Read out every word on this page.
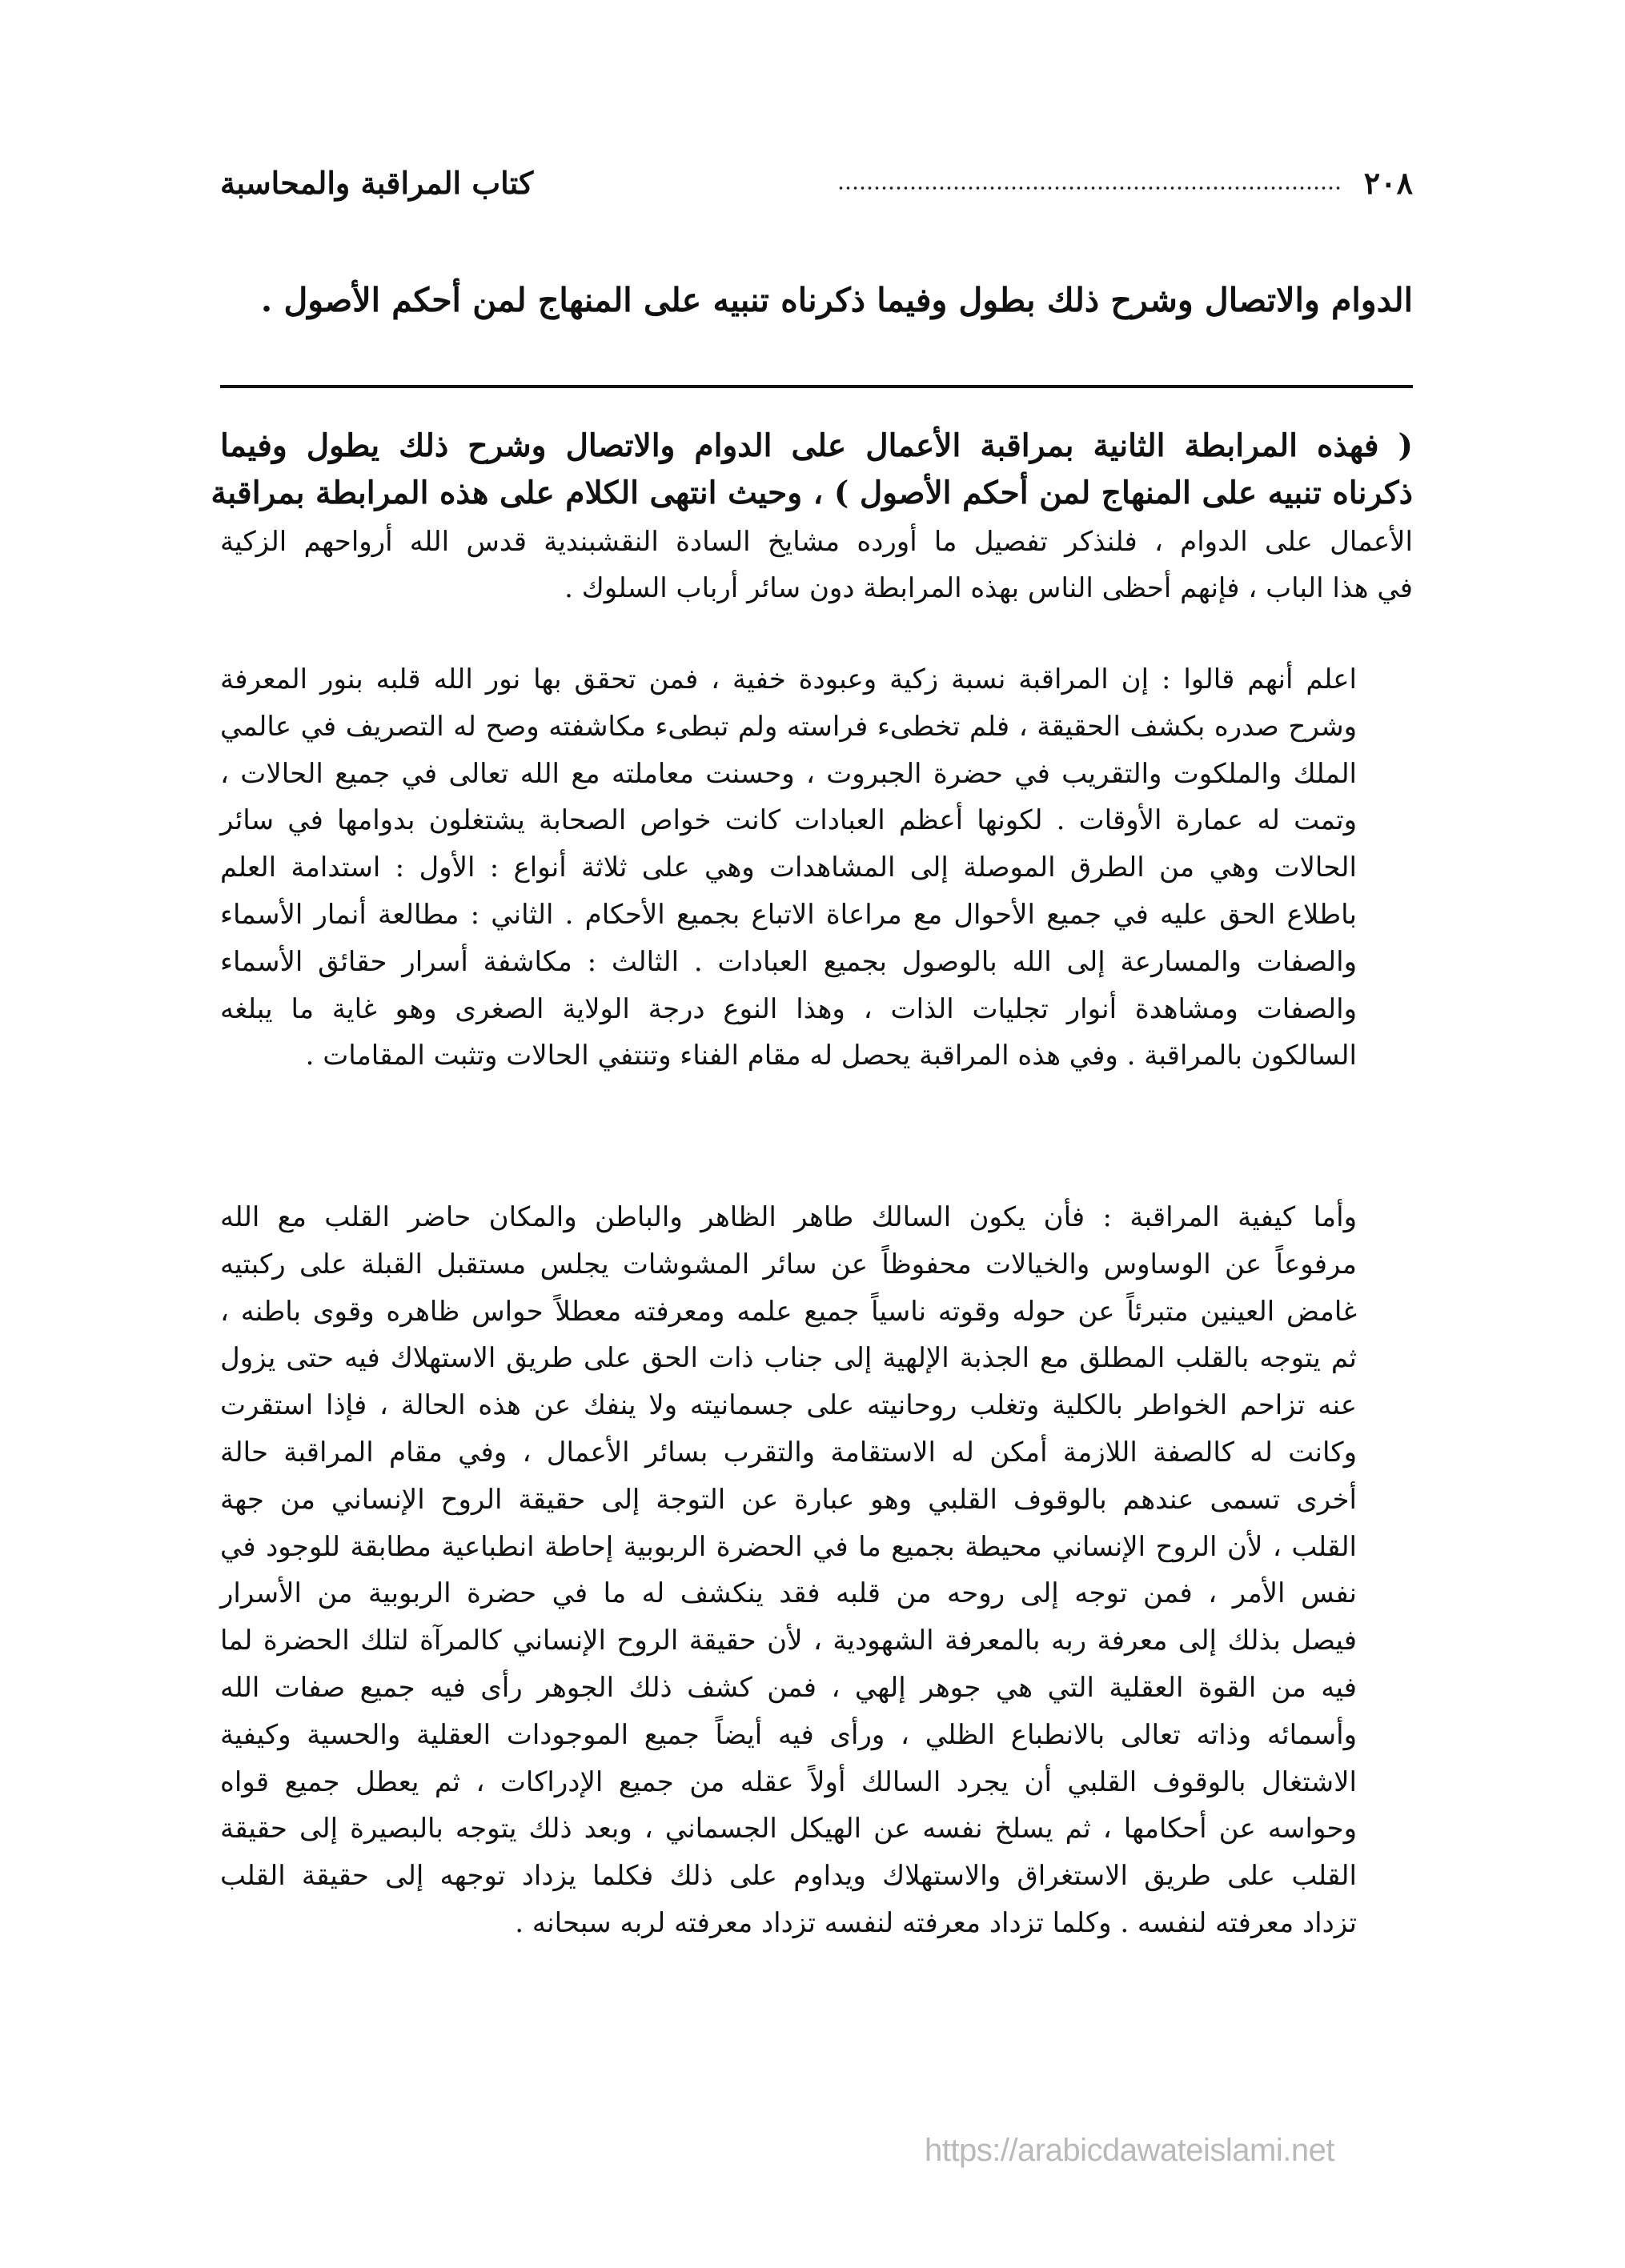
٢٠٨
كتاب المراقبة والمحاسبة
الدوام والاتصال وشرح ذلك بطول وفيما ذكرناه تنبيه على المنهاج لمن أحكم الأصول .
( فهذه المرابطة الثانية بمراقبة الأعمال على الدوام والاتصال وشرح ذلك يطول وفيما
ذكرناه تنبيه على المنهاج لمن أحكم الأصول ) ، وحيث انتهى الكلام على هذه المرابطة بمراقبة
الأعمال على الدوام ، فلنذكر تفصيل ما أورده مشايخ السادة النقشبندية قدس الله أرواحهم الزكية
في هذا الباب ، فإنهم أحظى الناس بهذه المرابطة دون سائر أرباب السلوك .
اعلم أنهم قالوا : إن المراقبة نسبة زكية وعبودة خفية ، فمن تحقق بها نور الله قلبه بنور المعرفة
وشرح صدره بكشف الحقيقة ، فلم تخطىء فراسته ولم تبطىء مكاشفته وصح له التصريف في عالمي
الملك والملكوت والتقريب في حضرة الجبروت ، وحسنت معاملته مع الله تعالى في جميع الحالات ،
وتمت له عمارة الأوقات . لكونها أعظم العبادات كانت خواص الصحابة يشتغلون بدوامها في سائر
الحالات وهي من الطرق الموصلة إلى المشاهدات وهي على ثلاثة أنواع : الأول : استدامة العلم
باطلاع الحق عليه في جميع الأحوال مع مراعاة الاتباع بجميع الأحكام . الثاني : مطالعة أنمار الأسماء
والصفات والمسارعة إلى الله بالوصول بجميع العبادات . الثالث : مكاشفة أسرار حقائق الأسماء
والصفات ومشاهدة أنوار تجليات الذات ، وهذا النوع درجة الولاية الصغرى وهو غاية ما يبلغه
السالكون بالمراقبة . وفي هذه المراقبة يحصل له مقام الفناء وتنتفي الحالات وتثبت المقامات .
وأما كيفية المراقبة : فأن يكون السالك طاهر الظاهر والباطن والمكان حاضر القلب مع الله
مرفوعاً عن الوساوس والخيالات محفوظاً عن سائر المشوشات يجلس مستقبل القبلة على ركبتيه
غامض العينين متبرئاً عن حوله وقوته ناسياً جميع علمه ومعرفته معطلاً حواس ظاهره وقوى باطنه ،
ثم يتوجه بالقلب المطلق مع الجذبة الإلهية إلى جناب ذات الحق على طريق الاستهلاك فيه حتى يزول
عنه تزاحم الخواطر بالكلية وتغلب روحانيته على جسمانيته ولا ينفك عن هذه الحالة ، فإذا استقرت
وكانت له كالصفة اللازمة أمكن له الاستقامة والتقرب بسائر الأعمال ، وفي مقام المراقبة حالة
أخرى تسمى عندهم بالوقوف القلبي وهو عبارة عن التوجة إلى حقيقة الروح الإنساني من جهة
القلب ، لأن الروح الإنساني محيطة بجميع ما في الحضرة الربوبية إحاطة انطباعية مطابقة للوجود في
نفس الأمر ، فمن توجه إلى روحه من قلبه فقد ينكشف له ما في حضرة الربوبية من الأسرار
فيصل بذلك إلى معرفة ربه بالمعرفة الشهودية ، لأن حقيقة الروح الإنساني كالمرآة لتلك الحضرة لما
فيه من القوة العقلية التي هي جوهر إلهي ، فمن كشف ذلك الجوهر رأى فيه جميع صفات الله
وأسمائه وذاته تعالى بالانطباع الظلي ، ورأى فيه أيضاً جميع الموجودات العقلية والحسية وكيفية
الاشتغال بالوقوف القلبي أن يجرد السالك أولاً عقله من جميع الإدراكات ، ثم يعطل جميع قواه
وحواسه عن أحكامها ، ثم يسلخ نفسه عن الهيكل الجسماني ، وبعد ذلك يتوجه بالبصيرة إلى حقيقة
القلب على طريق الاستغراق والاستهلاك ويداوم على ذلك فكلما يزداد توجهه إلى حقيقة القلب
تزداد معرفته لنفسه . وكلما تزداد معرفته لنفسه تزداد معرفته لربه سبحانه .
https://arabicdawateislami.net
